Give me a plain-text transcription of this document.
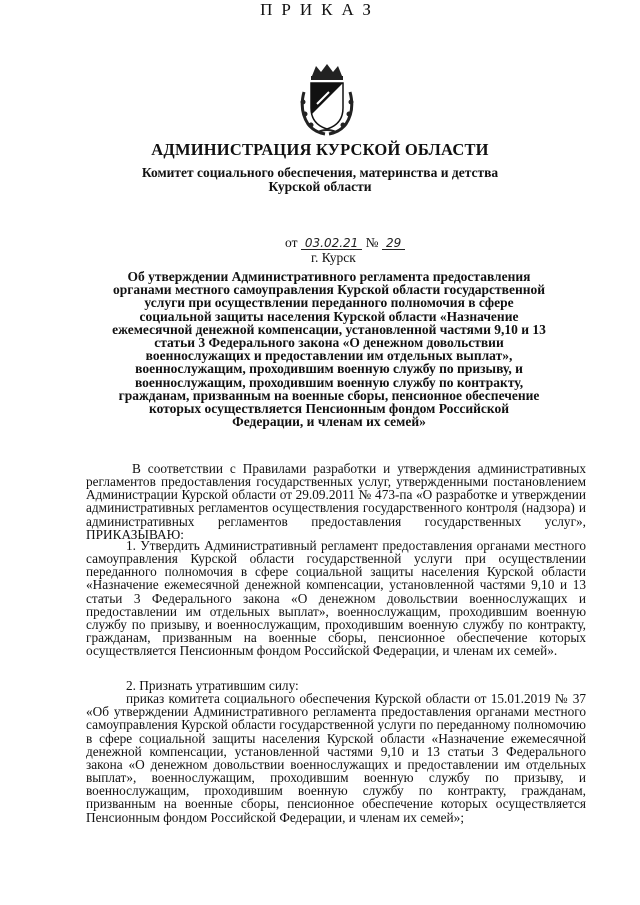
АДМИНИСТРАЦИЯ КУРСКОЙ ОБЛАСТИ
Комитет социального обеспечения, материнства и детства
Курской области
ПРИКАЗ
от 03.02.21 № 29
г. Курск
Об утверждении Административного регламента предоставления органами местного самоуправления Курской области государственной услуги при осуществлении переданного полномочия в сфере социальной защиты населения Курской области «Назначение ежемесячной денежной компенсации, установленной частями 9,10 и 13 статьи 3 Федерального закона «О денежном довольствии военнослужащих и предоставлении им отдельных выплат», военнослужащим, проходившим военную службу по призыву, и военнослужащим, проходившим военную службу по контракту, гражданам, призванным на военные сборы, пенсионное обеспечение которых осуществляется Пенсионным фондом Российской Федерации, и членам их семей»

В соответствии с Правилами разработки и утверждения административных регламентов предоставления государственных услуг, утвержденными постановлением Администрации Курской области от 29.09.2011 № 473-па «О разработке и утверждении административных регламентов осуществления государственного контроля (надзора) и административных регламентов предоставления государственных услуг», ПРИКАЗЫВАЮ:

1. Утвердить Административный регламент предоставления органами местного самоуправления Курской области государственной услуги при осуществлении переданного полномочия в сфере социальной защиты населения Курской области «Назначение ежемесячной денежной компенсации, установленной частями 9,10 и 13 статьи 3 Федерального закона «О денежном довольствии военнослужащих и предоставлении им отдельных выплат», военнослужащим, проходившим военную службу по призыву, и военнослужащим, проходившим военную службу по контракту, гражданам, призванным на военные сборы, пенсионное обеспечение которых осуществляется Пенсионным фондом Российской Федерации, и членам их семей».

2. Признать утратившим силу:

приказ комитета социального обеспечения Курской области от 15.01.2019 № 37 «Об утверждении Административного регламента предоставления органами местного самоуправления Курской области государственной услуги по переданному полномочию в сфере социальной защиты населения Курской области «Назначение ежемесячной денежной компенсации, установленной частями 9,10 и 13 статьи 3 Федерального закона «О денежном довольствии военнослужащих и предоставлении им отдельных выплат», военнослужащим, проходившим военную службу по призыву, и военнослужащим, проходившим военную службу по контракту, гражданам, призванным на военные сборы, пенсионное обеспечение которых осуществляется Пенсионным фондом Российской Федерации, и членам их семей»;
